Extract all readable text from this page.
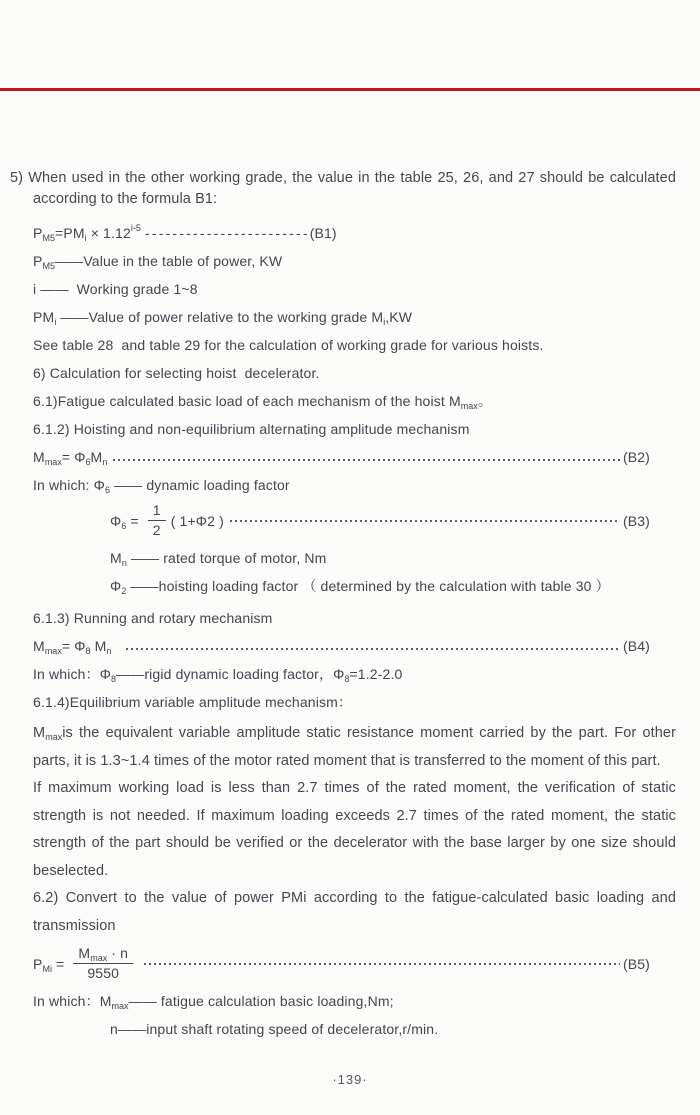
5) When used in the other working grade, the value in the table 25, 26, and 27 should be calculated according to the formula B1:

$P_{M5}=PM_i \times 1.12^{i-5}$ ------------------------(B1)
$P_{M5}——Value$ in the table of power, KW
i ——  Working grade 1~8
$PM_i$ ——Value of power relative to the working grade $M_i,KW$
See table 28  and table 29 for the calculation of working grade for various hoists.
6) Calculation for selecting hoist  decelerator.
6.1)Fatigue calculated basic load of each mechanism of the hoist $M_{max}$。
6.1.2) Hoisting and non-equilibrium alternating amplitude mechanism
$M_{max}= \Phi_6M_n$	(B2)
In which: $\Phi_6$ —— dynamic loading factor
$\Phi_6 = \frac{1}{2}$ ( 1+Φ2 )	(B3)
$M_n$ —— rated torque of motor, Nm
$\Phi_2$ ——hoisting loading factor （ determined by the calculation with table 30 ）
6.1.3) Running and rotary mechanism
$M_{max}= \Phi_8$ $M_n$	(B4)
In which：$\Phi_8——rigid$ dynamic loading factor，$\Phi_8=1.2-2.0$
6.1.4)Equilibrium variable amplitude mechanism：

$M_{max}is$ the equivalent variable amplitude static resistance moment carried by the part. For other parts, it is 1.3~1.4 times of the motor rated moment that is transferred to the moment of this part.

If maximum working load is less than 2.7 times of the rated moment, the verification of static strength is not needed. If maximum loading exceeds 2.7 times of the rated moment, the static strength of the part should be verified or the decelerator with the base larger by one size should beselected.

6.2) Convert to the value of power PMi according to the fatigue-calculated basic loading and transmission

$P_{Mi} = \frac{M_{max} \cdot n}{9550}$	(B5)
In which：$M_{max}——$ fatigue calculation basic loading,Nm;
n——input shaft rotating speed of decelerator,r/min.
·139·
